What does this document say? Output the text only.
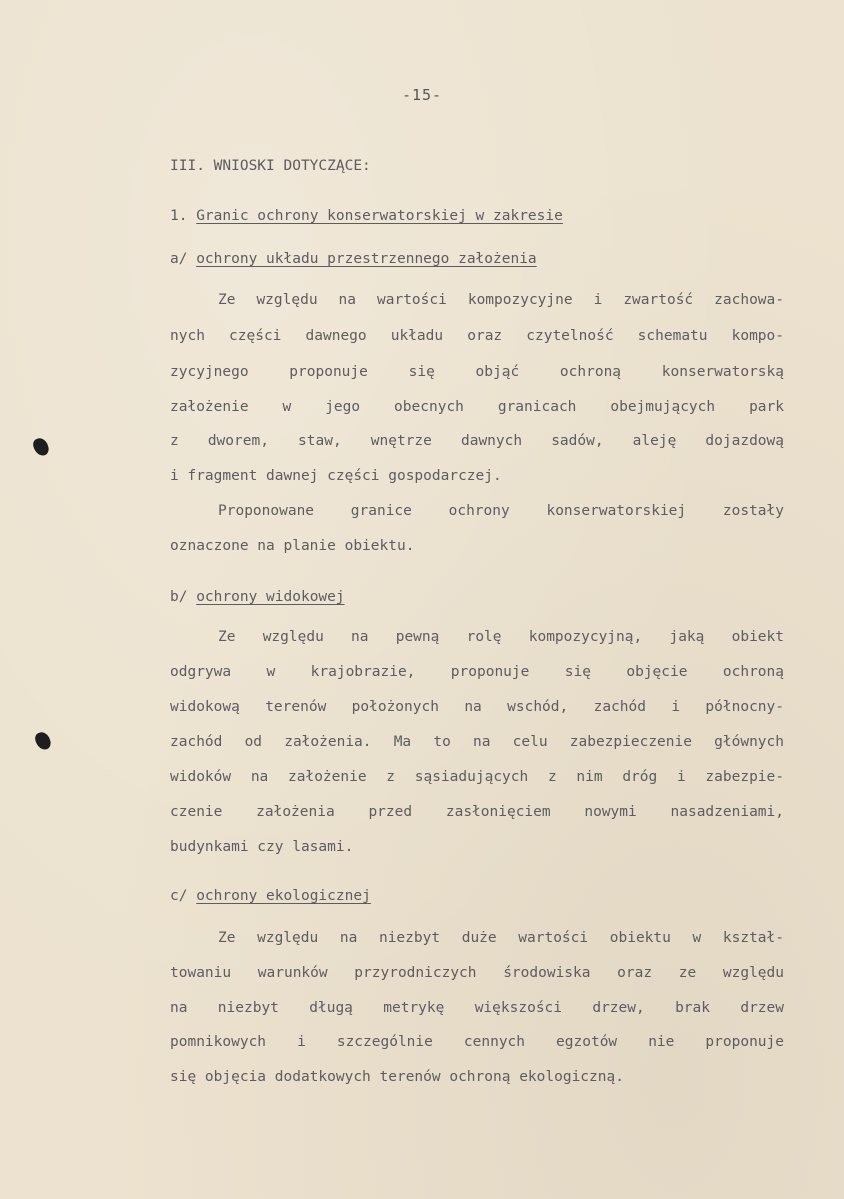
-15-
III. WNIOSKI DOTYCZĄCE:
1. Granic ochrony konserwatorskiej w zakresie
a/ ochrony układu przestrzennego założenia
Ze względu na wartości kompozycyjne i zwartość zachowa-
nych części dawnego układu oraz czytelność schematu kompo-
zycyjnego proponuje się objąć ochroną konserwatorską
założenie w jego obecnych granicach obejmujących park
z dworem, staw, wnętrze dawnych sadów, aleję dojazdową
i fragment dawnej części gospodarczej.
Proponowane granice ochrony konserwatorskiej zostały
oznaczone na planie obiektu.
b/ ochrony widokowej
Ze względu na pewną rolę kompozycyjną, jaką obiekt
odgrywa w krajobrazie, proponuje się objęcie ochroną
widokową terenów położonych na wschód, zachód i północny-
zachód od założenia. Ma to na celu zabezpieczenie głównych
widoków na założenie z sąsiadujących z nim dróg i zabezpie-
czenie założenia przed zasłonięciem nowymi nasadzeniami,
budynkami czy lasami.
c/ ochrony ekologicznej
Ze względu na niezbyt duże wartości obiektu w kształ-
towaniu warunków przyrodniczych środowiska oraz ze względu
na niezbyt długą metrykę większości drzew, brak drzew
pomnikowych i szczególnie cennych egzotów nie proponuje
się objęcia dodatkowych terenów ochroną ekologiczną.
